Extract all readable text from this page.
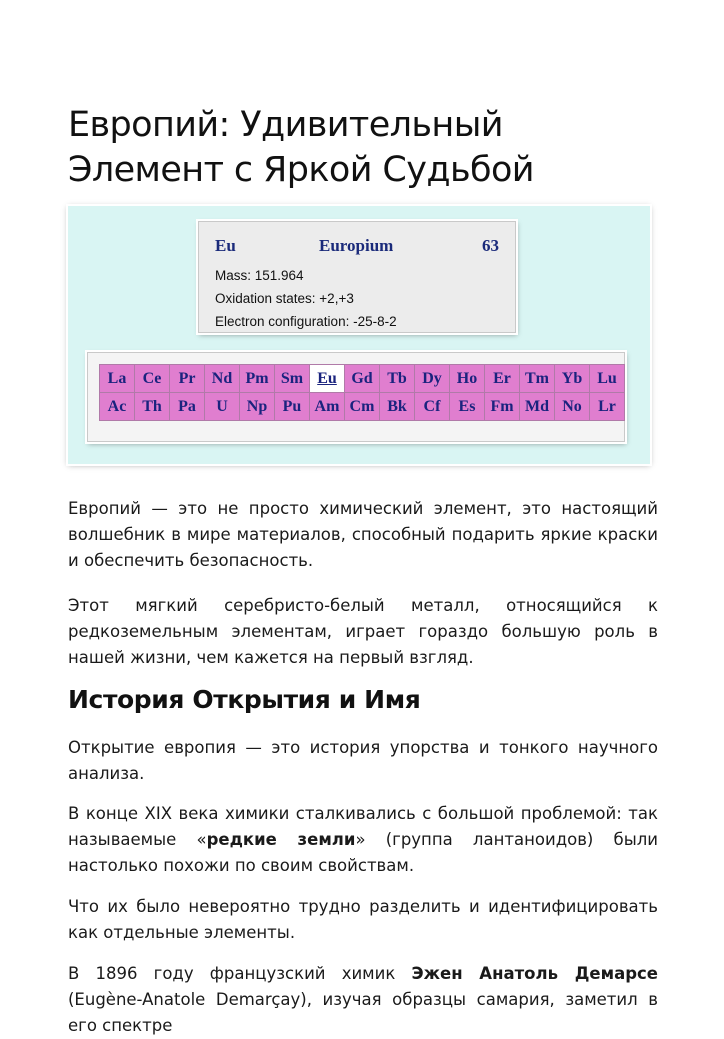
Европий: Удивительный Элемент с Яркой Судьбой
Eu	Europium	63
Mass: 151.964
Oxidation states: +2,+3
Electron configuration: -25-8-2
La	Ce	Pr	Nd Pm Sm Eu Gd Tb Dy Ho Er Tm Yb Lu
Ac Th	Pa	U	Np Pu Am Cm Bk	Cf	Es Fm Md No	Lr

Европий — это не просто химический элемент, это настоящий волшебник в мире материалов, способный подарить яркие краски и обеспечить безопасность.

Этот мягкий серебристо-белый металл, относящийся к редкоземельным элементам, играет гораздо большую роль в нашей жизни, чем кажется на первый взгляд.

История Открытия и Имя

Открытие европия — это история упорства и тонкого научного анализа.

В конце XIX века химики сталкивались с большой проблемой: так называемые «редкие земли» (группа лантаноидов) были настолько похожи по своим свойствам.

Что их было невероятно трудно разделить и идентифицировать как отдельные элементы.

В 1896 году французский химик Эжен Анатоль Демарсе (Eugène-Anatole Demarçay), изучая образцы самария, заметил в его спектре
